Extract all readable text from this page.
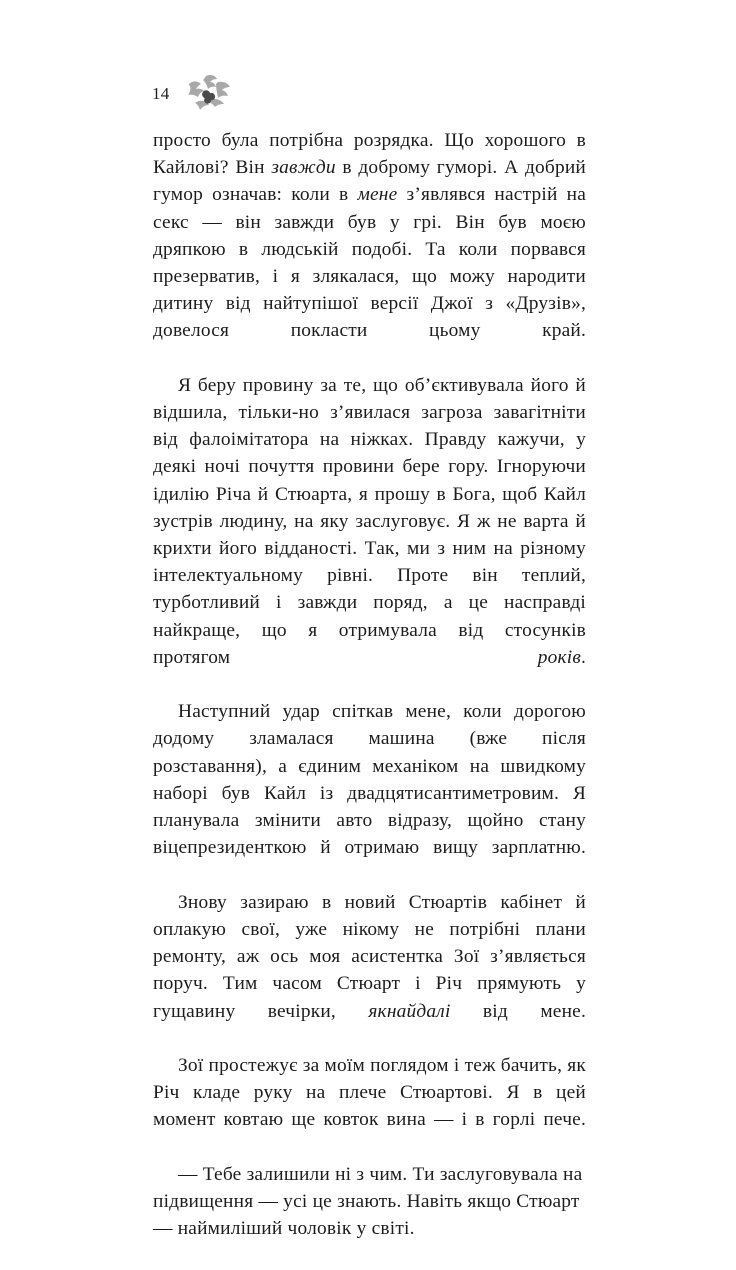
14

просто була потрібна розрядка. Що хорошого в Кайлові? Він завжди в доброму гуморі. А добрий гумор означав: коли в мене з’являвся настрій на секс — він завжди був у грі. Він був моєю дряпкою в людській подобі. Та коли порвався презерватив, і я злякалася, що можу народити дитину від найтупішої версії Джої з «Друзів», довелося покласти цьому край.

Я беру провину за те, що об’єктивувала його й відшила, тільки-но з’явилася загроза завагітніти від фалоімітатора на ніжках. Правду кажучи, у деякі ночі почуття провини бере гору. Ігноруючи ідилію Річа й Стюарта, я прошу в Бога, щоб Кайл зустрів людину, на яку заслуговує. Я ж не варта й крихти його відданості. Так, ми з ним на різному інтелектуальному рівні. Проте він теплий, турботливий і завжди поряд, а це насправді найкраще, що я отримувала від стосунків протягом років.

Наступний удар спіткав мене, коли дорогою додому зламалася машина (вже після розставання), а єдиним механіком на швидкому наборі був Кайл із двадцятисантиметровим. Я планувала змінити авто відразу, щойно стану віцепрезиденткою й отримаю вищу зарплатню.

Знову зазираю в новий Стюартів кабінет й оплакую свої, уже нікому не потрібні плани ремонту, аж ось моя асистентка Зої з’являється поруч. Тим часом Стюарт і Річ прямують у гущавину вечірки, якнайдалі від мене.

Зої простежує за моїм поглядом і теж бачить, як Річ кладе руку на плече Стюартові. Я в цей момент ковтаю ще ковток вина — і в горлі пече.

— Тебе залишили ні з чим. Ти заслуговувала на підвищення — усі це знають. Навіть якщо Стюарт — наймиліший чоловік у світі.
